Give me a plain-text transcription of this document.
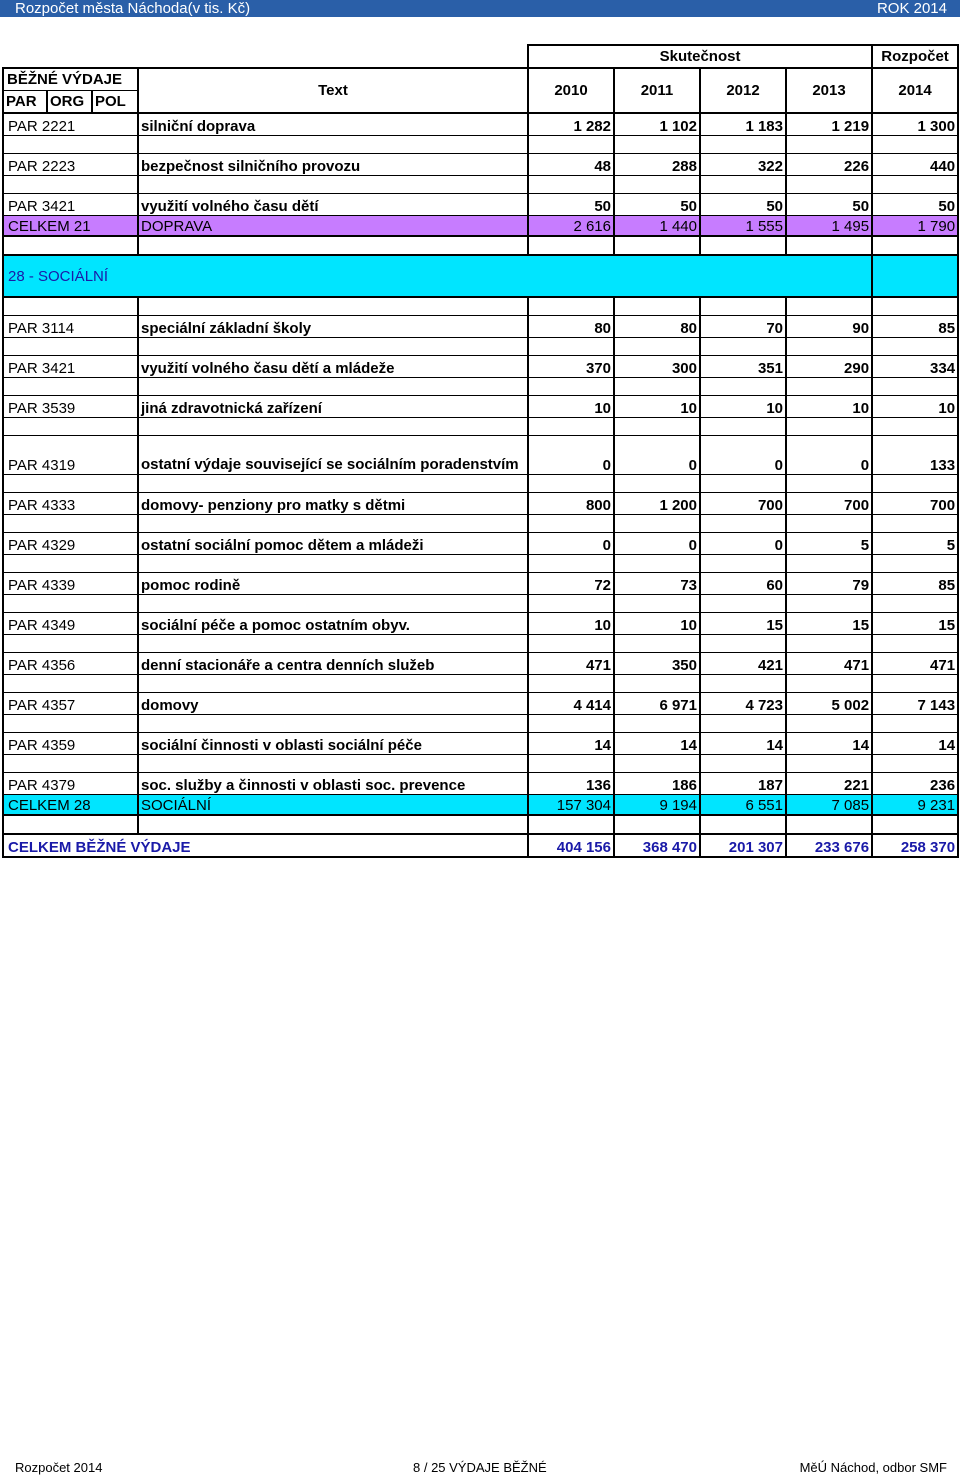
Rozpočet města Náchoda(v tis. Kč)	ROK 2014
				Skutečnost				Rozpočet
BĚŽNÉ VÝDAJE			Text	2010	2011	2012	2013	2014
PAR	ORG	POL						
PAR 2221			silniční doprava	1 282	1 102	1 183	1 219	1 300

PAR 2223			bezpečnost silničního provozu	48	288	322	226	440

PAR 3421			využití volného času dětí	50	50	50	50	50
CELKEM 21			DOPRAVA	2 616	1 440	1 555	1 495	1 790

28 - SOCIÁLNÍ								

PAR 3114			speciální základní školy	80	80	70	90	85

PAR 3421			využití volného času dětí a mládeže	370	300	351	290	334

PAR 3539			jiná zdravotnická zařízení	10	10	10	10	10

PAR 4319			ostatní výdaje související se sociálním poradenstvím	0	0	0	0	133

PAR 4333			domovy- penziony pro matky s dětmi	800	1 200	700	700	700

PAR 4329			ostatní sociální pomoc dětem a mládeži	0	0	0	5	5

PAR 4339			pomoc rodině	72	73	60	79	85

PAR 4349			sociální péče a pomoc ostatním obyv.	10	10	15	15	15

PAR 4356			denní stacionáře a centra denních služeb	471	350	421	471	471

PAR 4357			domovy	4 414	6 971	4 723	5 002	7 143

PAR 4359			sociální činnosti v oblasti sociální péče	14	14	14	14	14

PAR 4379			soc. služby a činnosti v oblasti soc. prevence	136	186	187	221	236
CELKEM 28			SOCIÁLNÍ	157 304	9 194	6 551	7 085	9 231

CELKEM BĚŽNÉ VÝDAJE				404 156	368 470	201 307	233 676	258 370
Rozpočet 2014	8 / 25 VÝDAJE BĚŽNÉ	MěÚ Náchod, odbor SMF
